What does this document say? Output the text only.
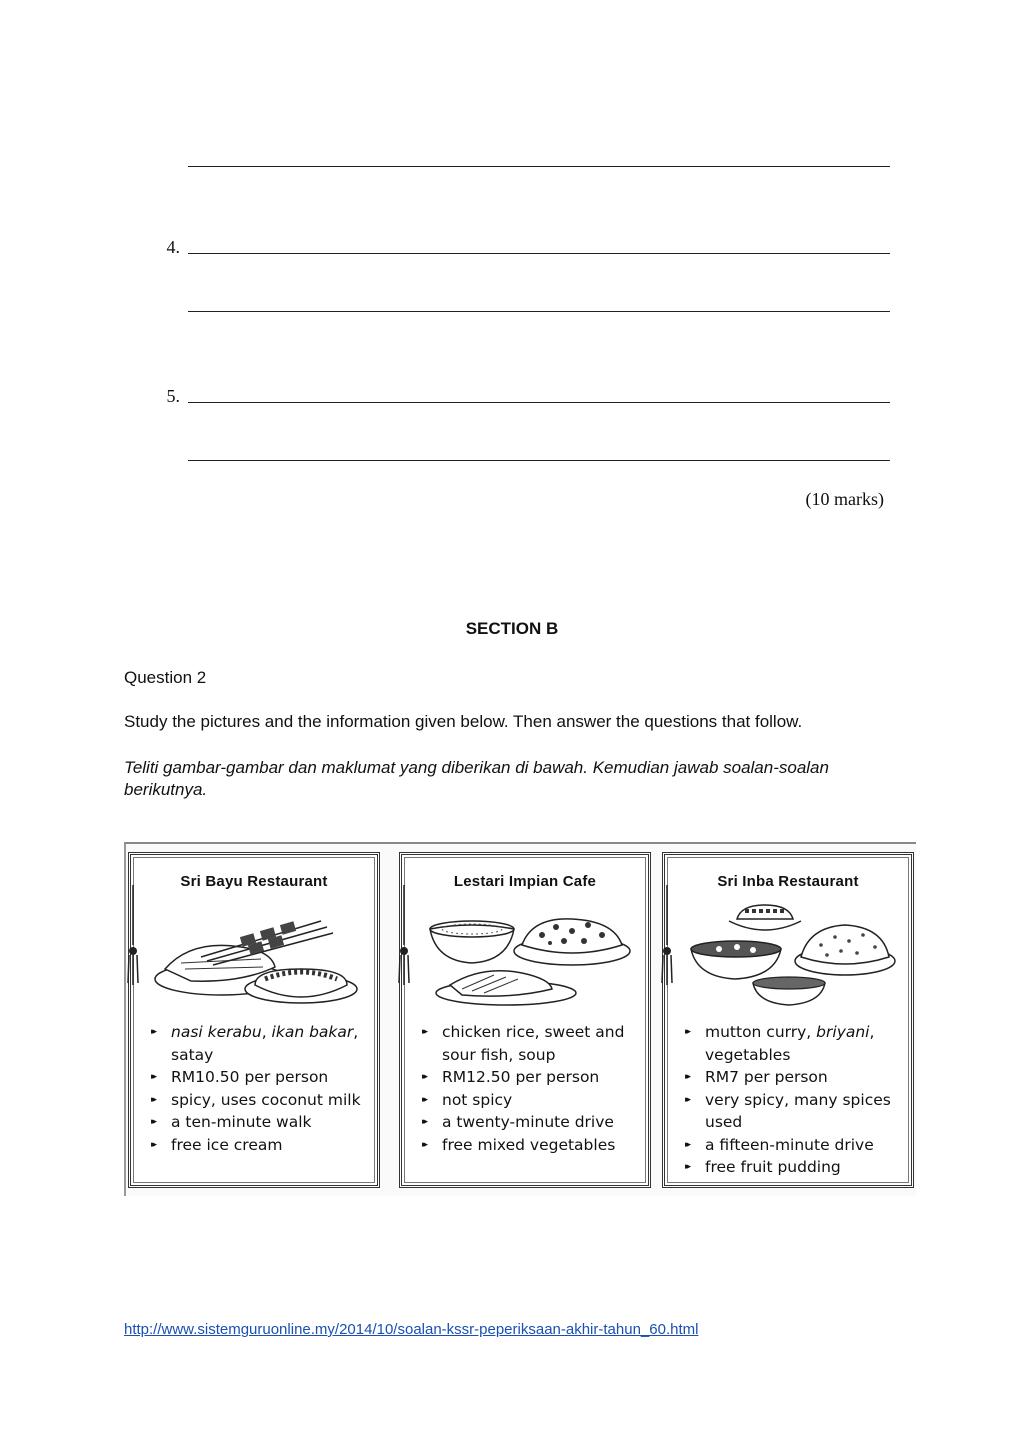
4.
5.
(10 marks)
SECTION B
Question 2
Study the pictures and the information given below. Then answer the questions that follow.
Teliti gambar-gambar dan maklumat yang diberikan di bawah. Kemudian jawab soalan-soalan berikutnya.
Sri Bayu Restaurant
▸▸ nasi kerabu, ikan bakar,
satay
▸▸ RM10.50 per person
▸▸ spicy, uses coconut milk
▸▸ a ten-minute walk
▸▸ free ice cream
Lestari Impian Cafe
▸▸ chicken rice, sweet and
sour fish, soup
▸▸ RM12.50 per person
▸▸ not spicy
▸▸ a twenty-minute drive
▸▸ free mixed vegetables
Sri Inba Restaurant
▸▸ mutton curry, briyani,
vegetables
▸▸ RM7 per person
▸▸ very spicy, many spices
used
▸▸ a fifteen-minute drive
▸▸ free fruit pudding
http://www.sistemguruonline.my/2014/10/soalan-kssr-peperiksaan-akhir-tahun_60.html
